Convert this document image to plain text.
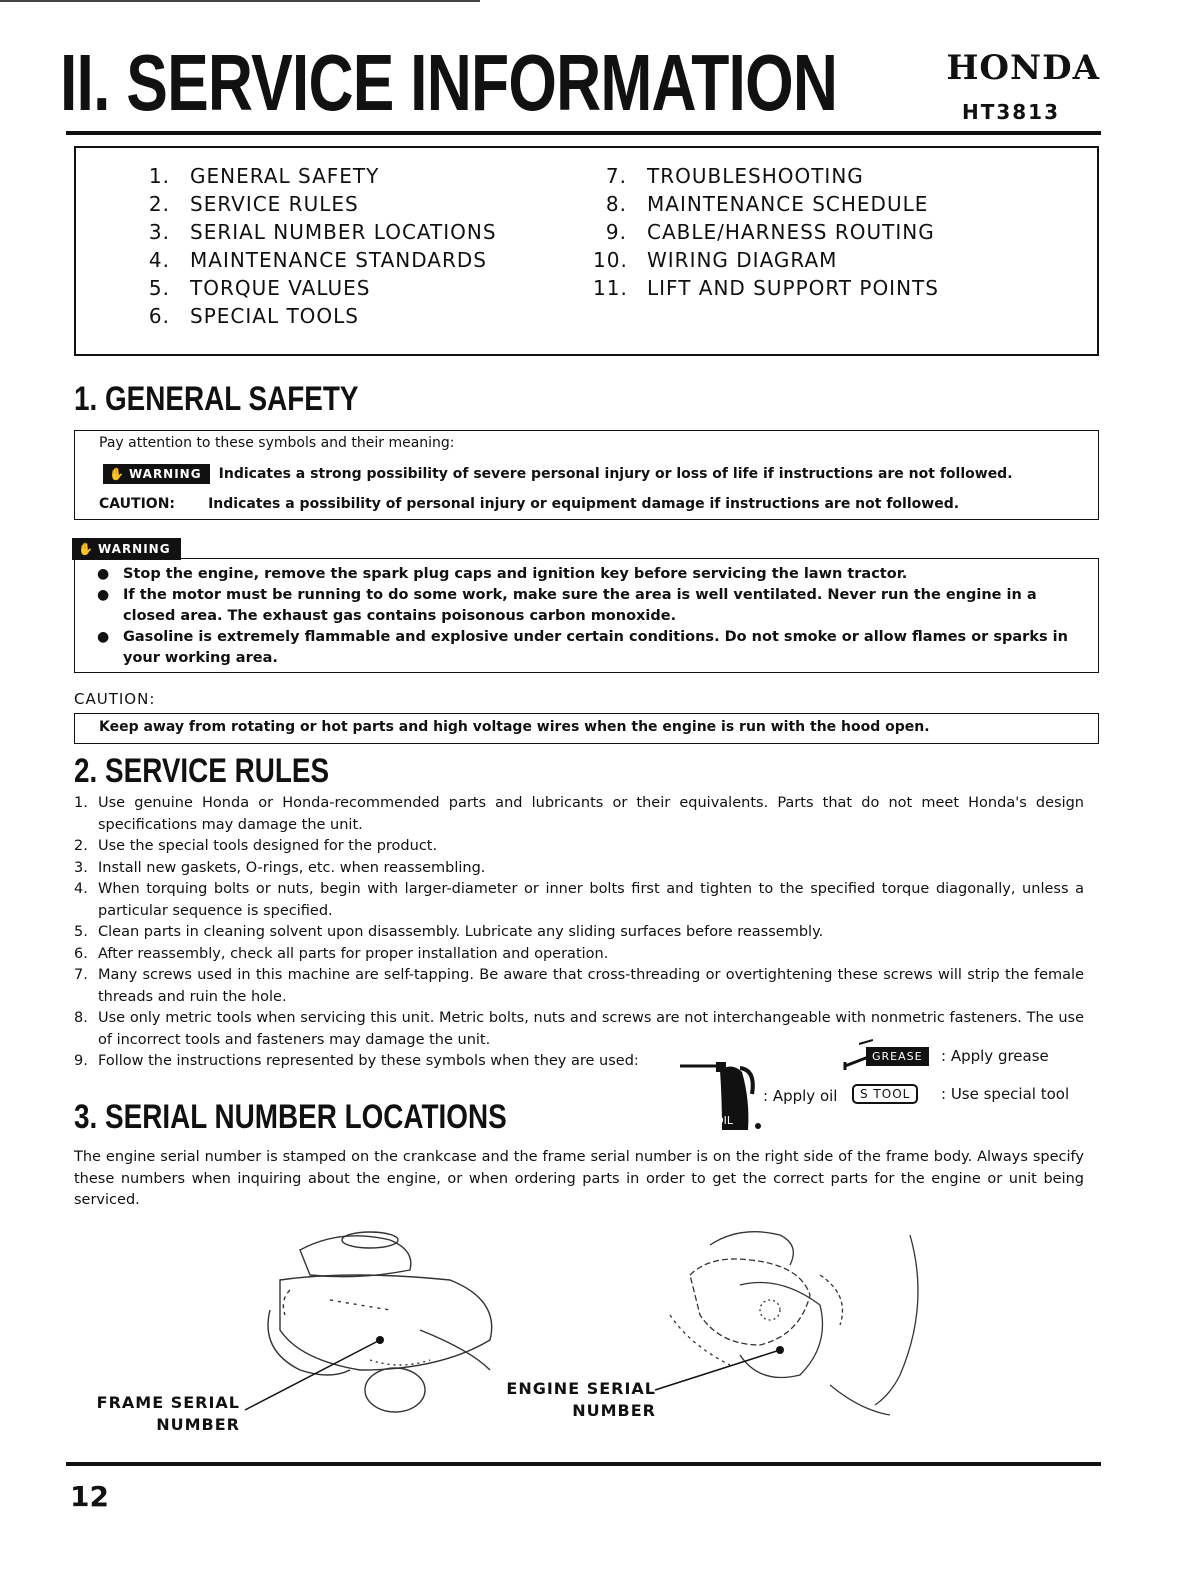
II. SERVICE INFORMATION	HONDA
HT3813
1. GENERAL SAFETY
2. SERVICE RULES
3. SERIAL NUMBER LOCATIONS
4. MAINTENANCE STANDARDS
5. TORQUE VALUES
6. SPECIAL TOOLS
7. TROUBLESHOOTING
8. MAINTENANCE SCHEDULE
9. CABLE/HARNESS ROUTING
10. WIRING DIAGRAM
11. LIFT AND SUPPORT POINTS
1. GENERAL SAFETY
Pay attention to these symbols and their meaning:
✋ WARNING Indicates a strong possibility of severe personal injury or loss of life if instructions are not followed.
CAUTION: Indicates a possibility of personal injury or equipment damage if instructions are not followed.
✋ WARNING
● Stop the engine, remove the spark plug caps and ignition key before servicing the lawn tractor.
● If the motor must be running to do some work, make sure the area is well ventilated. Never run the engine in a closed area. The exhaust gas contains poisonous carbon monoxide.
● Gasoline is extremely flammable and explosive under certain conditions. Do not smoke or allow flames or sparks in your working area.
CAUTION:
Keep away from rotating or hot parts and high voltage wires when the engine is run with the hood open.
2. SERVICE RULES
1. Use genuine Honda or Honda-recommended parts and lubricants or their equivalents. Parts that do not meet Honda's design specifications may damage the unit.
2. Use the special tools designed for the product.
3. Install new gaskets, O-rings, etc. when reassembling.
4. When torquing bolts or nuts, begin with larger-diameter or inner bolts first and tighten to the specified torque diagonally, unless a particular sequence is specified.
5. Clean parts in cleaning solvent upon disassembly. Lubricate any sliding surfaces before reassembly.
6. After reassembly, check all parts for proper installation and operation.
7. Many screws used in this machine are self-tapping. Be aware that cross-threading or overtightening these screws will strip the female threads and ruin the hole.
8. Use only metric tools when servicing this unit. Metric bolts, nuts and screws are not interchangeable with nonmetric fasteners. The use of incorrect tools and fasteners may damage the unit.
9. Follow the instructions represented by these symbols when they are used:
OIL
: Apply oil
GREASE	: Apply grease
S TOOL	: Use special tool
3. SERIAL NUMBER LOCATIONS
The engine serial number is stamped on the crankcase and the frame serial number is on the right side of the frame body. Always specify these numbers when inquiring about the engine, or when ordering parts in order to get the correct parts for the engine or unit being serviced.
FRAME SERIAL
NUMBER
ENGINE SERIAL
NUMBER
12
